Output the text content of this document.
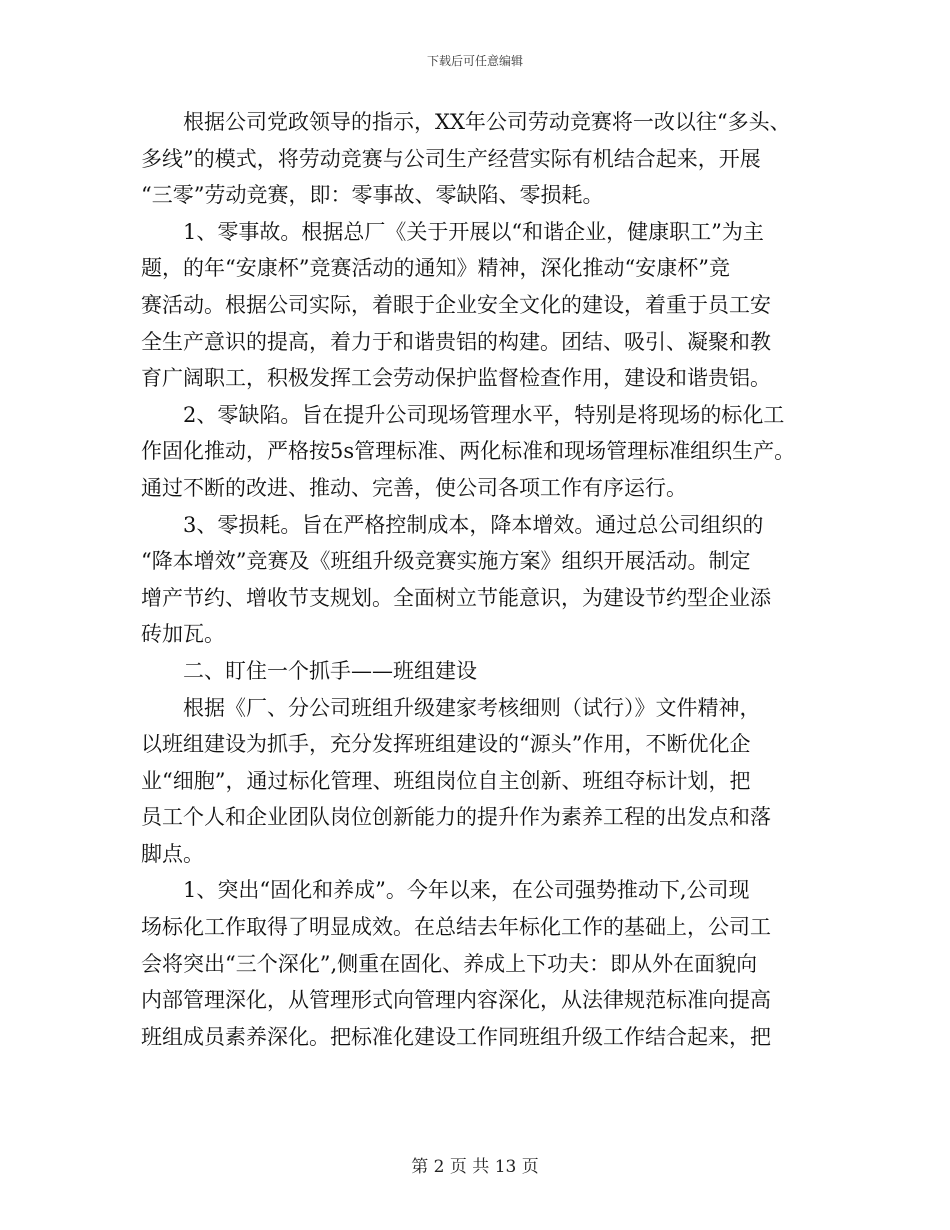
下载后可任意编辑
根据公司党政领导的指示，XX年公司劳动竞赛将一改以往“多头、
多线”的模式，将劳动竞赛与公司生产经营实际有机结合起来，开展
“三零”劳动竞赛，即：零事故、零缺陷、零损耗。
1、零事故。根据总厂《关于开展以“和谐企业，健康职工”为主
题，的年“安康杯”竞赛活动的通知》精神，深化推动“安康杯”竞
赛活动。根据公司实际，着眼于企业安全文化的建设，着重于员工安
全生产意识的提高，着力于和谐贵铝的构建。团结、吸引、凝聚和教
育广阔职工，积极发挥工会劳动保护监督检查作用，建设和谐贵铝。
2、零缺陷。旨在提升公司现场管理水平，特别是将现场的标化工
作固化推动，严格按5s管理标准、两化标准和现场管理标准组织生产。
通过不断的改进、推动、完善，使公司各项工作有序运行。
3、零损耗。旨在严格控制成本，降本增效。通过总公司组织的
“降本增效”竞赛及《班组升级竞赛实施方案》组织开展活动。制定
增产节约、增收节支规划。全面树立节能意识，为建设节约型企业添
砖加瓦。
二、盯住一个抓手——班组建设
根据《厂、分公司班组升级建家考核细则（试行）》文件精神，
以班组建设为抓手，充分发挥班组建设的“源头”作用，不断优化企
业“细胞”，通过标化管理、班组岗位自主创新、班组夺标计划，把
员工个人和企业团队岗位创新能力的提升作为素养工程的出发点和落
脚点。
1、突出“固化和养成”。今年以来，在公司强势推动下,公司现
场标化工作取得了明显成效。在总结去年标化工作的基础上，公司工
会将突出“三个深化”,侧重在固化、养成上下功夫：即从外在面貌向
内部管理深化，从管理形式向管理内容深化，从法律规范标准向提高
班组成员素养深化。把标准化建设工作同班组升级工作结合起来，把
第 2 页 共 13 页
